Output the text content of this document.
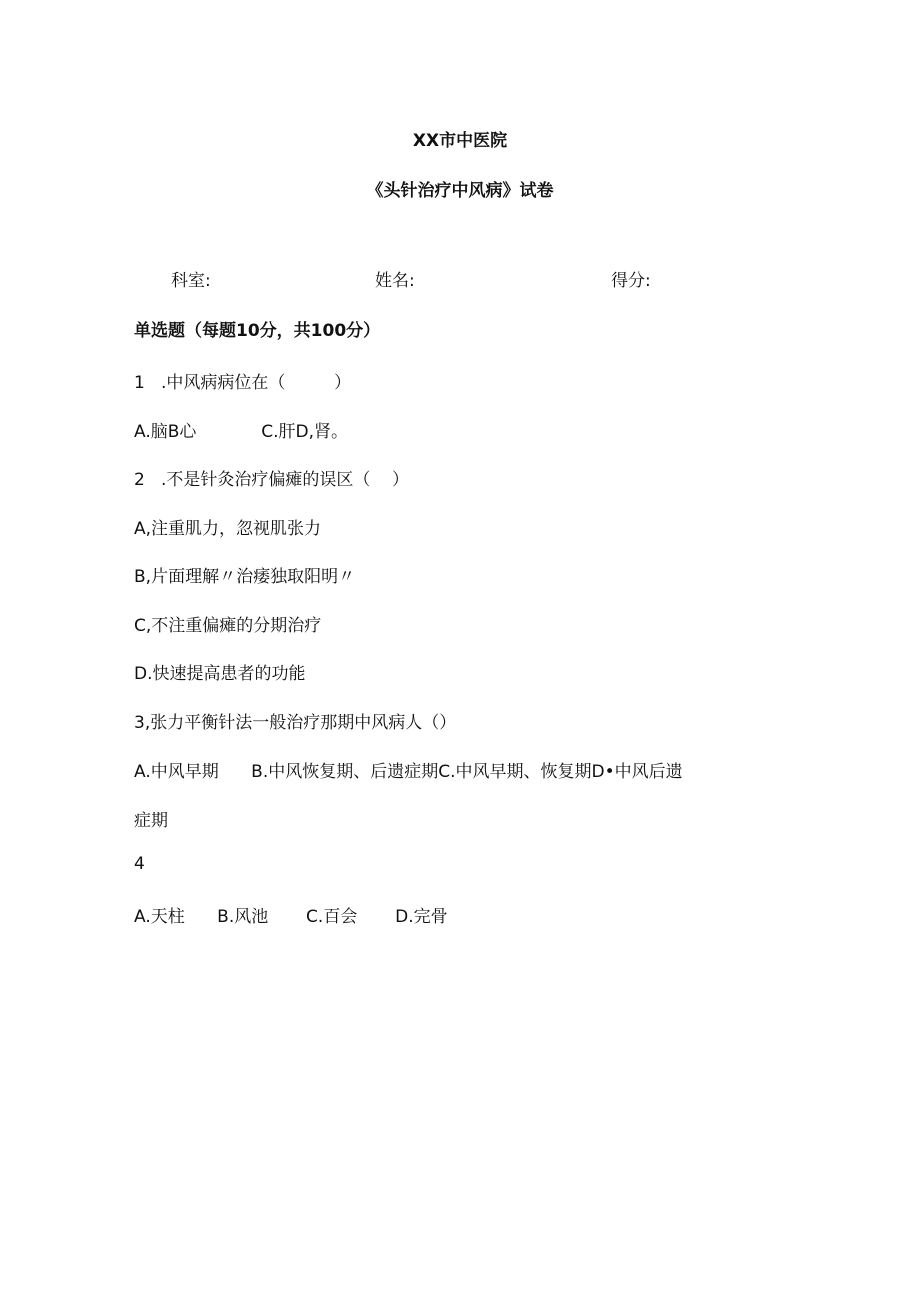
XX市中医院
《头针治疗中风病》试卷
科室:	姓名:	得分:
单选题（每题10分，共100分）
1   .中风病病位在（         ）
A.脑B心            C.肝D,肾。
2   .不是针灸治疗偏瘫的误区（    ）
A,注重肌力，忽视肌张力
B,片面理解〃治痿独取阳明〃
C,不注重偏瘫的分期治疗
D.快速提高患者的功能
3,张力平衡针法一般治疗那期中风病人（）
A.中风早期      B.中风恢复期、后遗症期C.中风早期、恢复期D•中风后遗
症期
4
A.天柱      B.风池       C.百会       D.完骨
